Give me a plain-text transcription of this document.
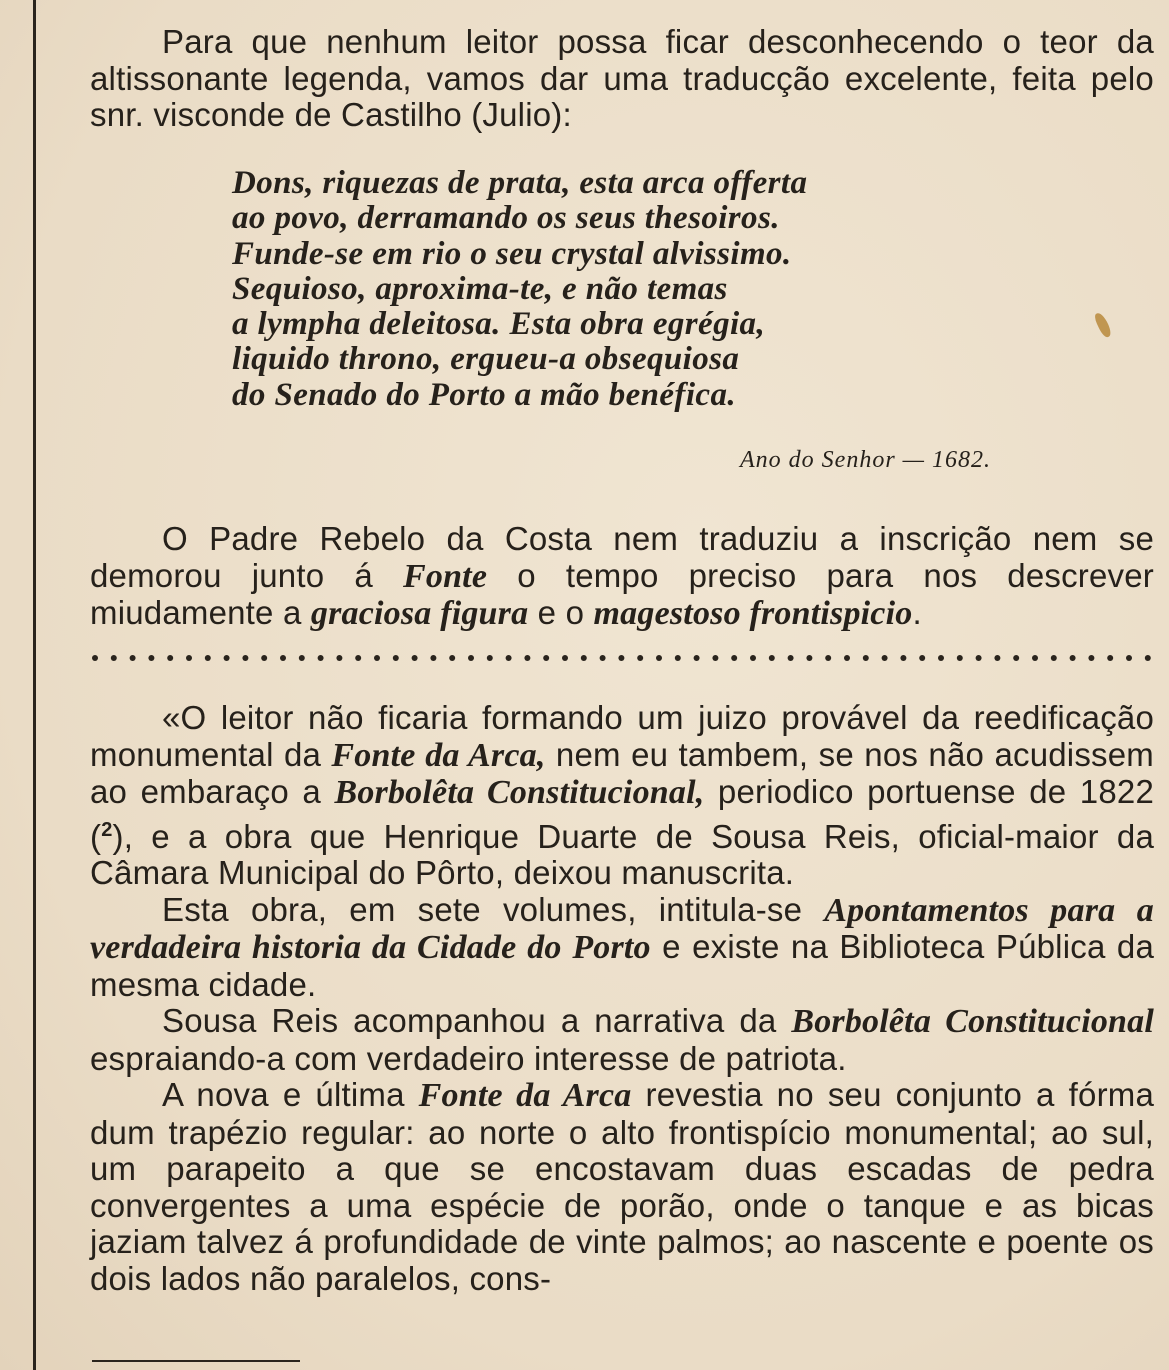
Para que nenhum leitor possa ficar desconhecendo o teor da altissonante legenda, vamos dar uma traducção excelente, feita pelo snr. visconde de Castilho (Julio):

Dons, riquezas de prata, esta arca offerta
ao povo, derramando os seus thesoiros.
Funde-se em rio o seu crystal alvissimo.
Sequioso, aproxima-te, e não temas
a lympha deleitosa. Esta obra egrégia,
liquido throno, ergueu-a obsequiosa
do Senado do Porto a mão benéfica.
Ano do Senhor — 1682.

O Padre Rebelo da Costa nem traduziu a inscrição nem se demorou junto á Fonte o tempo preciso para nos descrever miudamente a graciosa figura e o magestoso frontispicio.

«O leitor não ficaria formando um juizo provável da reedificação monumental da Fonte da Arca, nem eu tambem, se nos não acudissem ao embaraço a Borbolêta Constitucional, periodico portuense de 1822 ($^2$), e a obra que Henrique Duarte de Sousa Reis, oficial-maior da Câmara Municipal do Pôrto, deixou manuscrita.

Esta obra, em sete volumes, intitula-se Apontamentos para a verdadeira historia da Cidade do Porto e existe na Biblioteca Pública da mesma cidade.

Sousa Reis acompanhou a narrativa da Borbolêta Constitucional espraiando-a com verdadeiro interesse de patriota.

A nova e última Fonte da Arca revestia no seu conjunto a fórma dum trapézio regular: ao norte o alto frontispício monumental; ao sul, um parapeito a que se encostavam duas escadas de pedra convergentes a uma espécie de porão, onde o tanque e as bicas jaziam talvez á profundidade de vinte palmos; ao nascente e poente os dois lados não paralelos, cons-
